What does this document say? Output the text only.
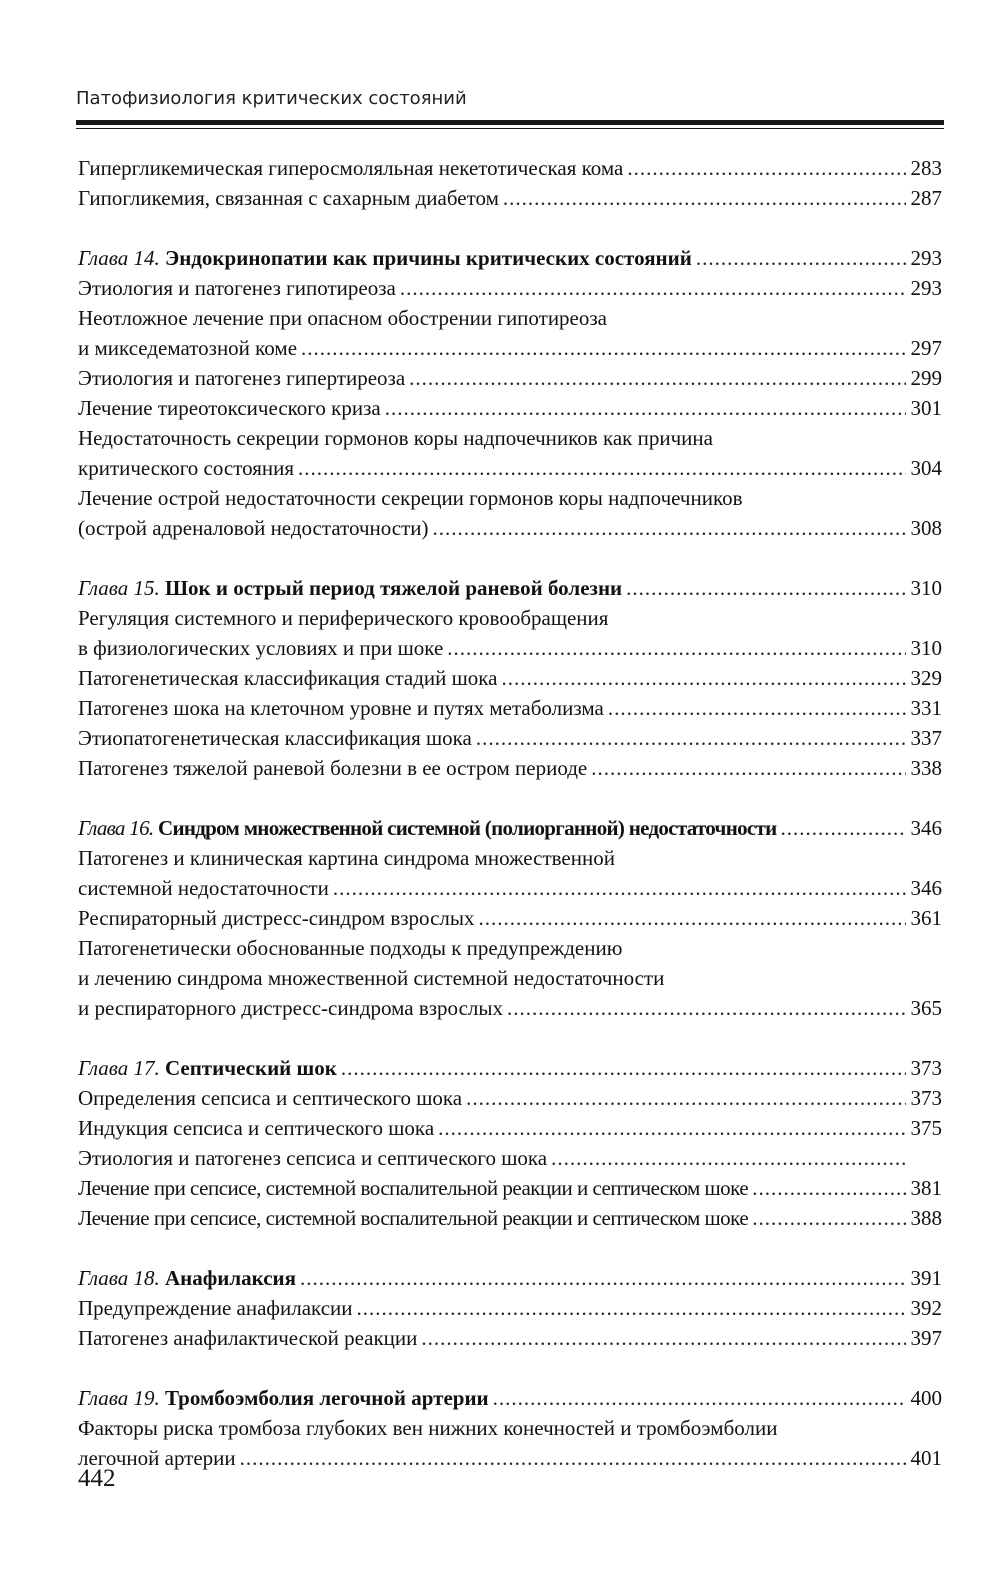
Патофизиология критических состояний
Гипергликемическая гиперосмоляльная некетотическая кома .....	283
Гипогликемия, связанная с сахарным диабетом .....	287
Глава 14. Эндокринопатии как причины критических состояний .....	293
Этиология и патогенез гипотиреоза .....	293
Неотложное лечение при опасном обострении гипотиреоза
и микседематозной коме .....	297
Этиология и патогенез гипертиреоза .....	299
Лечение тиреотоксического криза .....	301
Недостаточность секреции гормонов коры надпочечников как причина
критического состояния .....	304
Лечение острой недостаточности секреции гормонов коры надпочечников
(острой адреналовой недостаточности) .....	308
Глава 15. Шок и острый период тяжелой раневой болезни .....	310
Регуляция системного и периферического кровообращения
в физиологических условиях и при шоке .....	310
Патогенетическая классификация стадий шока .....	329
Патогенез шока на клеточном уровне и путях метаболизма .....	331
Этиопатогенетическая классификация шока .....	337
Патогенез тяжелой раневой болезни в ее остром периоде .....	338
Глава 16. Синдром множественной системной (полиорганной) недостаточности .....	346
Патогенез и клиническая картина синдрома множественной
системной недостаточности .....	346
Респираторный дистресс-синдром взрослых .....	361
Патогенетически обоснованные подходы к предупреждению
и лечению синдрома множественной системной недостаточности
и респираторного дистресс-синдрома взрослых .....	365
Глава 17. Септический шок .....	373
Определения сепсиса и септического шока .....	373
Индукция сепсиса и септического шока .....	375
Этиология и патогенез сепсиса и септического шока
.....
Лечение при сепсисе, системной воспалительной реакции и септическом шоке .....	381
Лечение при сепсисе, системной воспалительной реакции и септическом шоке .....	388
Глава 18. Анафилаксия .....	391
Предупреждение анафилаксии .....	392
Патогенез анафилактической реакции .....	397
Глава 19. Тромбоэмболия легочной артерии .....	400
Факторы риска тромбоза глубоких вен нижних конечностей и тромбоэмболии
легочной артерии .....	401
442
